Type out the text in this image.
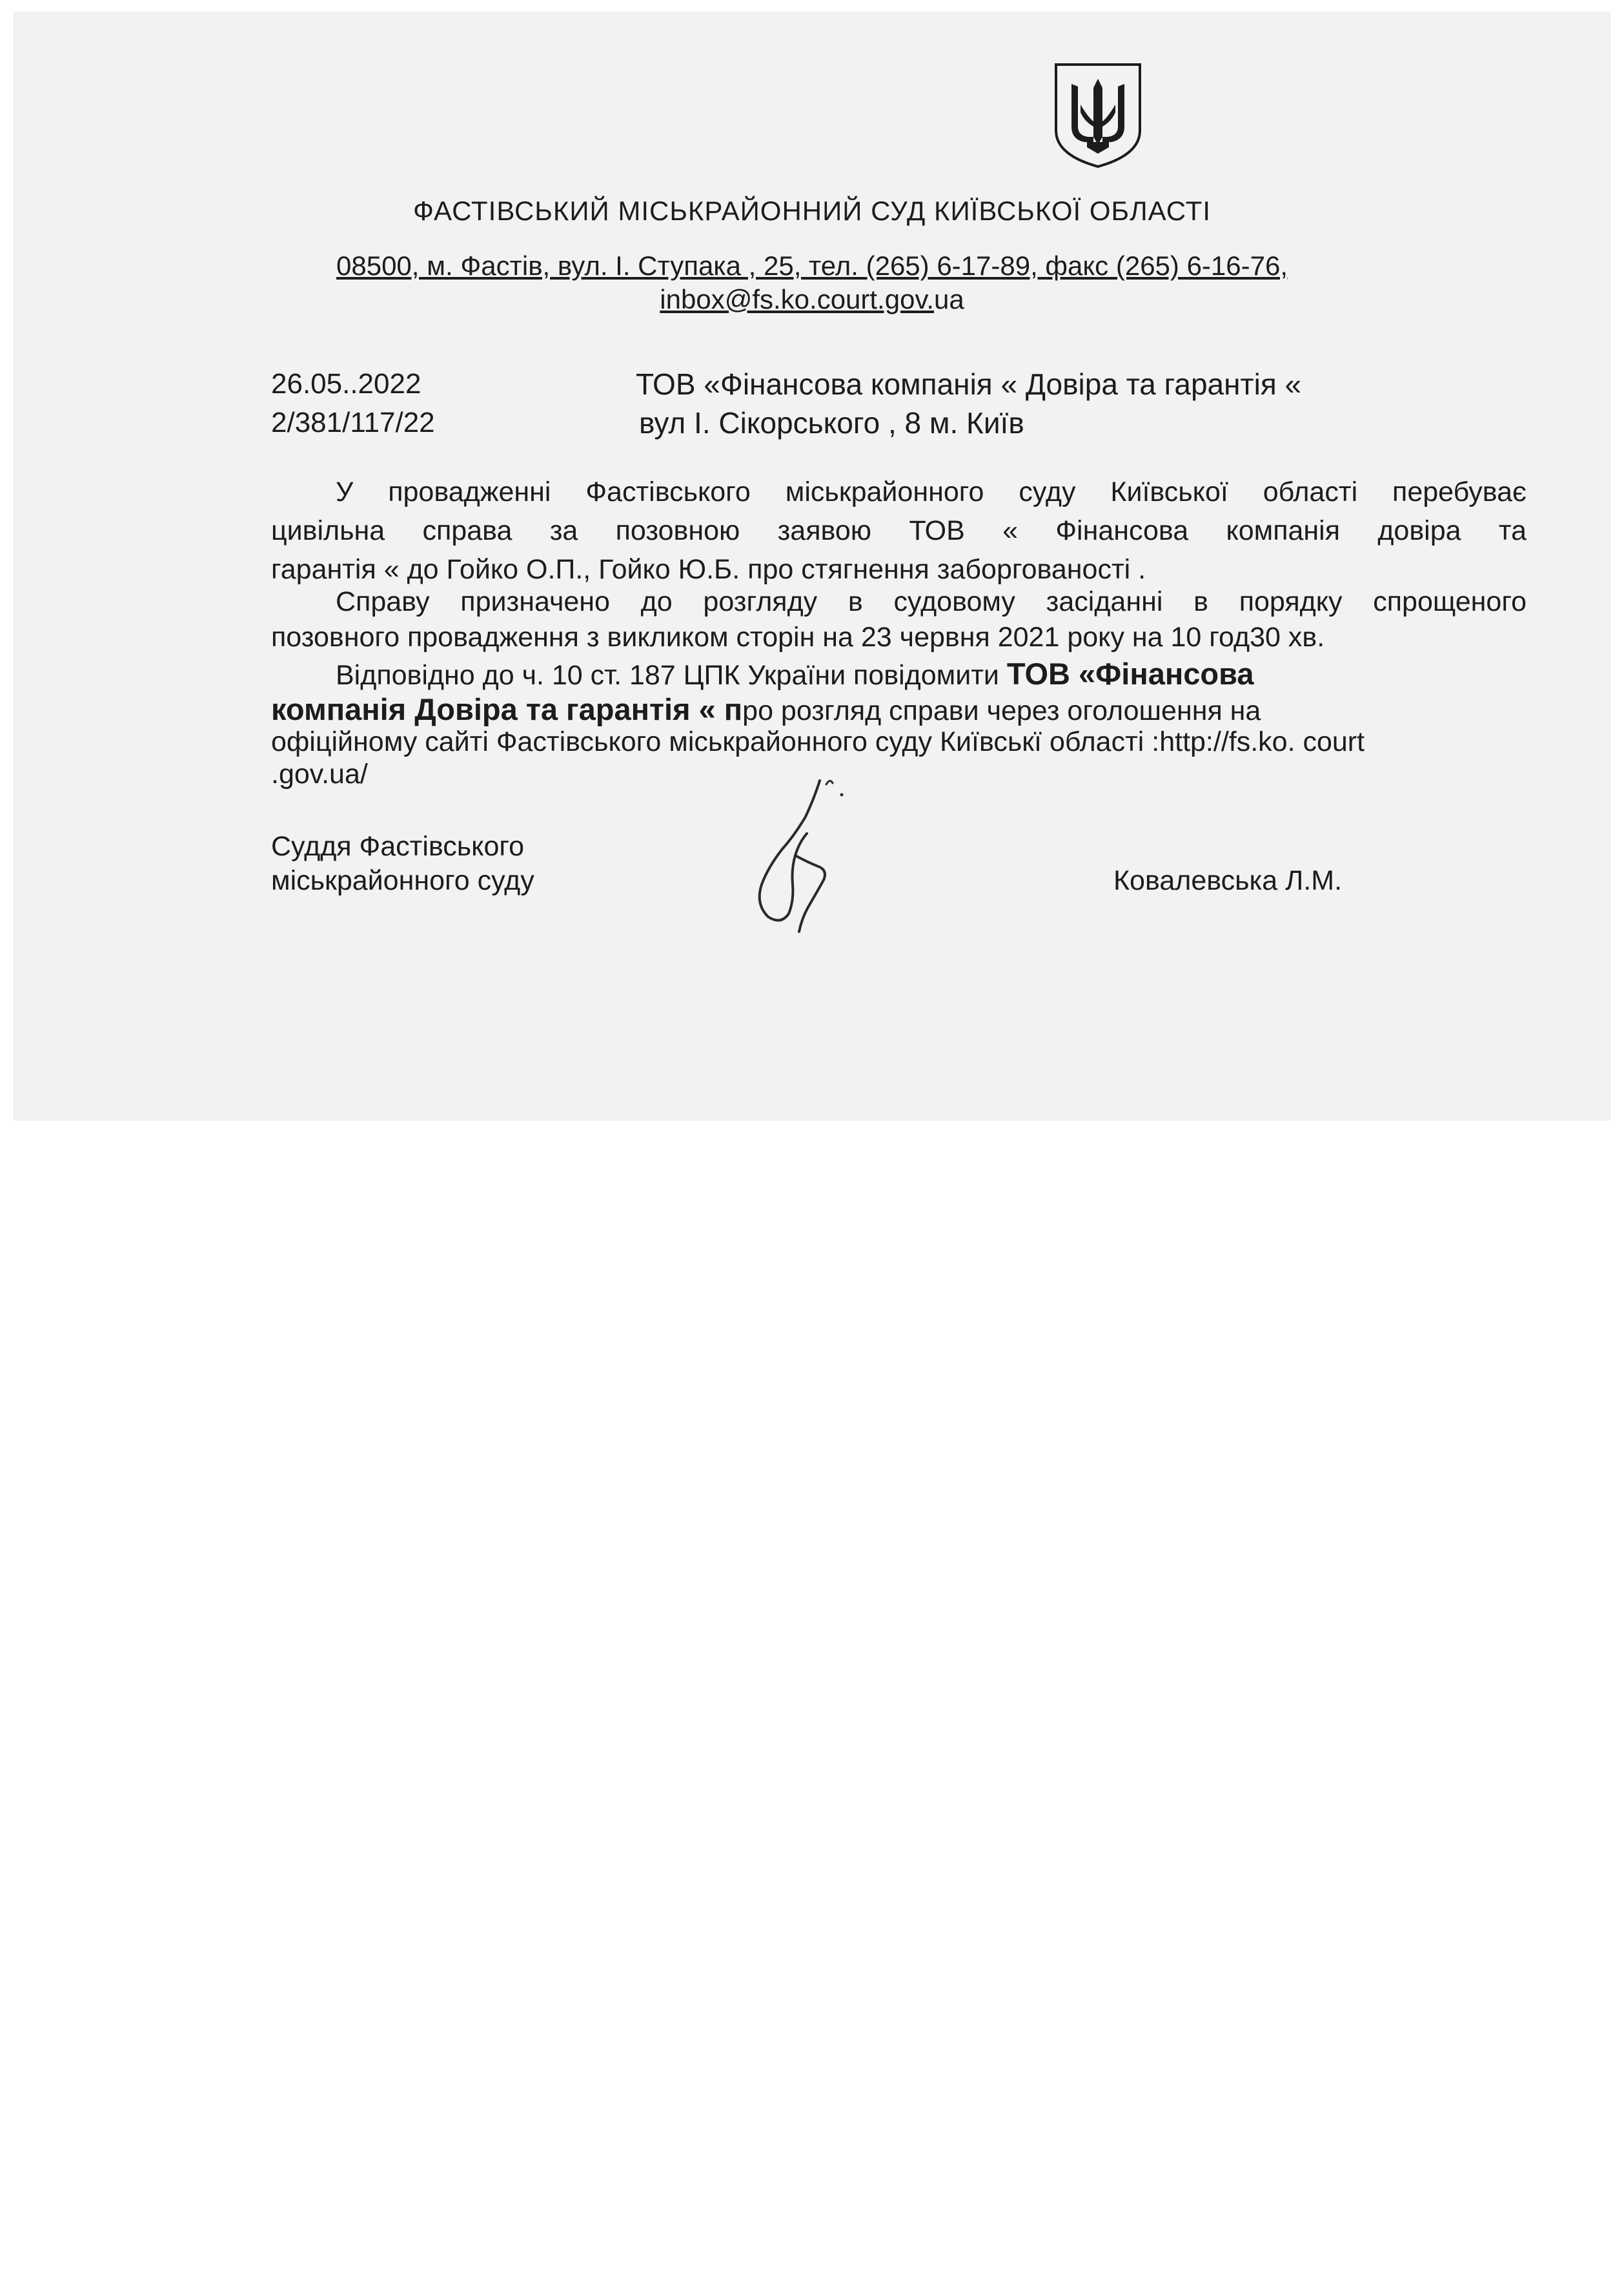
ФАСТІВСЬКИЙ МІСЬКРАЙОННИЙ СУД КИЇВСЬКОЇ ОБЛАСТІ
08500, м. Фастів, вул. І. Ступака , 25, тел. (265) 6-17-89, факс (265) 6-16-76,
inbox@fs.ko.court.gov.ua
26.05..2022
2/381/117/22
ТОВ «Фінансова компанія « Довіра та гарантія «
вул І. Сікорського , 8 м. Київ
У провадженні Фастівського міськрайонного суду Київської області перебуває
цивільна справа за позовною заявою ТОВ « Фінансова компанія довіра та
гарантія « до Гойко О.П., Гойко Ю.Б. про стягнення заборгованості .
Справу призначено до розгляду в судовому засіданні в порядку спрощеного
позовного провадження з викликом сторін на 23 червня 2021 року на 10 год30 хв.
Відповідно до ч. 10 ст. 187 ЦПК України повідомити ТОВ «Фінансова
компанія Довіра та гарантія « про розгляд справи через оголошення на
офіційному сайті Фастівського міськрайонного суду Київськї області :http://fs.ko. court
.gov.ua/
Суддя Фастівського
міськрайонного суду	Ковалевська Л.М.
